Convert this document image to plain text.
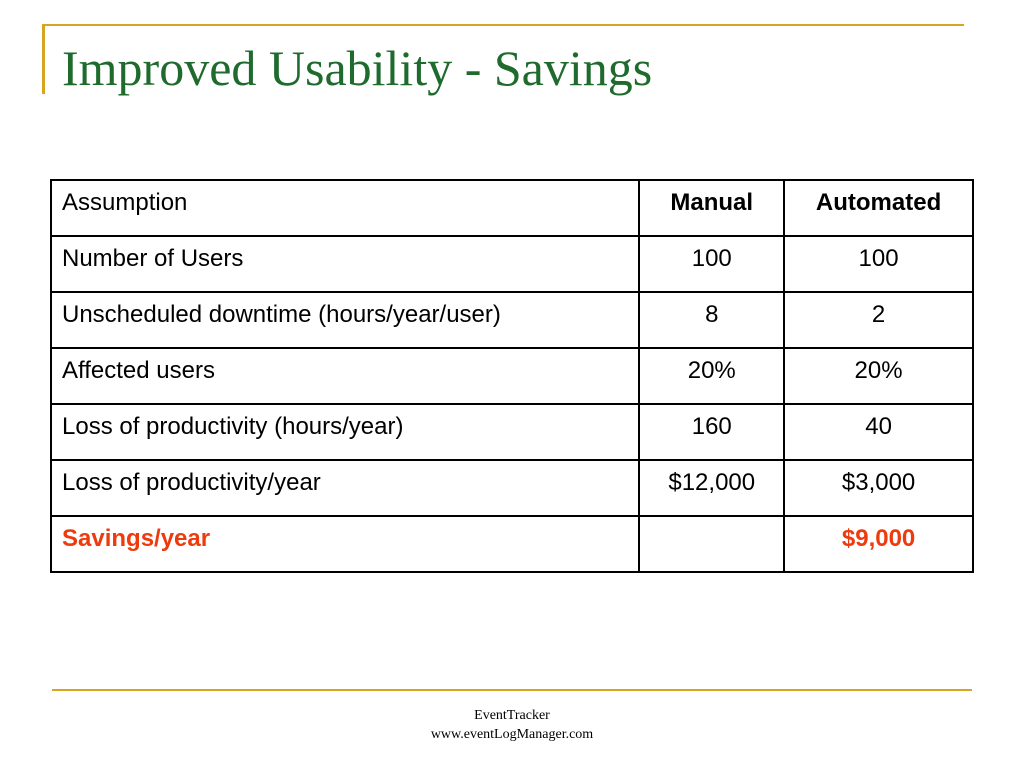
Improved Usability - Savings
Assumption	Manual	Automated
Number of Users	100	100
Unscheduled downtime (hours/year/user)	8	2
Affected users	20%	20%
Loss of productivity (hours/year)	160	40
Loss of productivity/year	$12,000	$3,000
Savings/year		$9,000
EventTracker
www.eventLogManager.com
